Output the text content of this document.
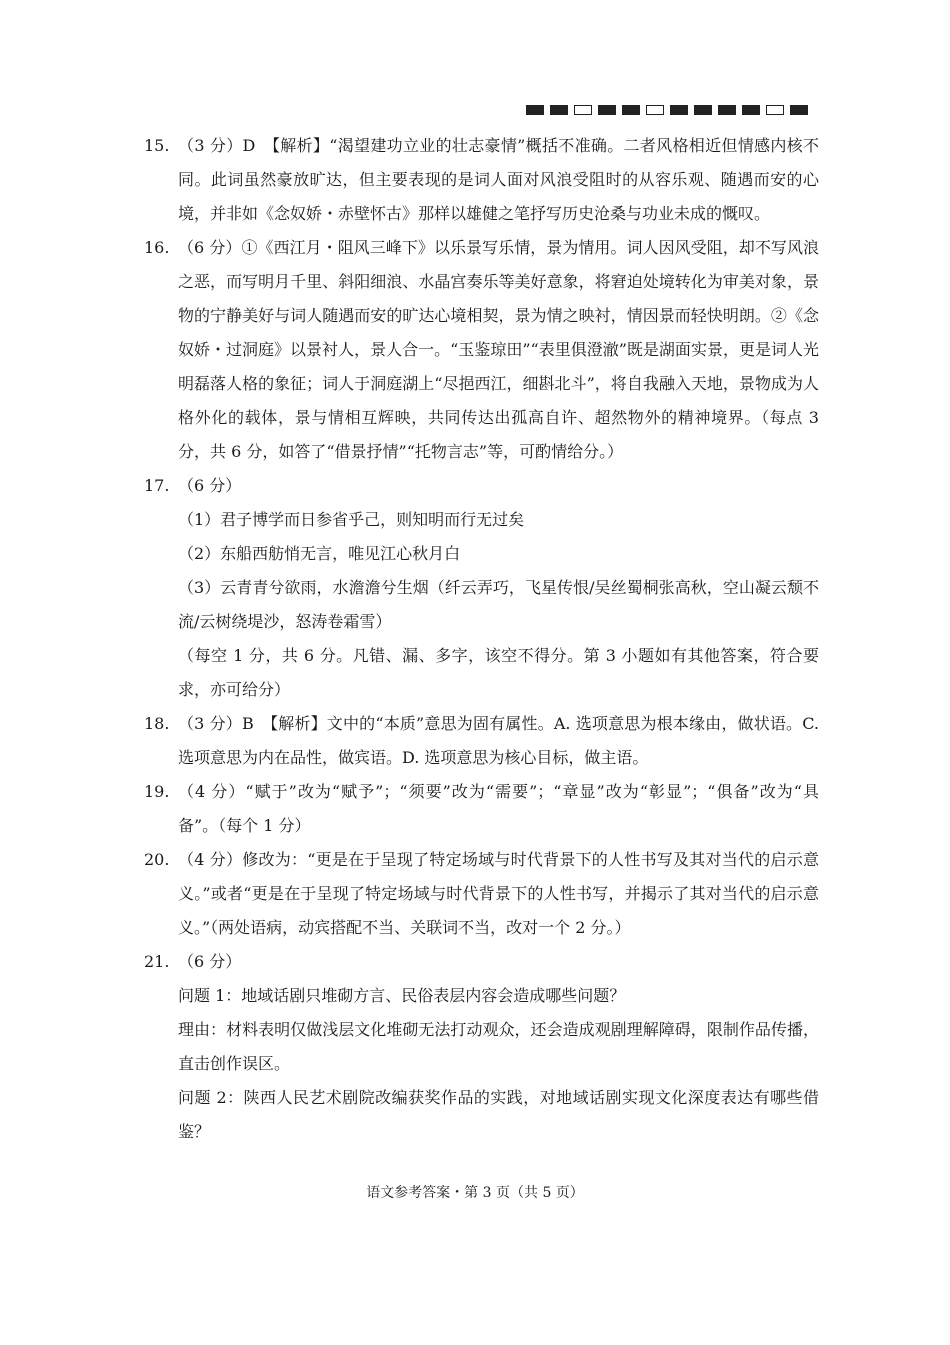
15. （3 分）D　【解析】“渴望建功立业的壮志豪情”概括不准确。二者风格相近但情感内核不同。此词虽然豪放旷达，但主要表现的是词人面对风浪受阻时的从容乐观、随遇而安的心境，并非如《念奴娇・赤壁怀古》那样以雄健之笔抒写历史沧桑与功业未成的慨叹。
16. （6 分）①《西江月・阻风三峰下》以乐景写乐情，景为情用。词人因风受阻，却不写风浪之恶，而写明月千里、斜阳细浪、水晶宫奏乐等美好意象，将窘迫处境转化为审美对象，景物的宁静美好与词人随遇而安的旷达心境相契，景为情之映衬，情因景而轻快明朗。②《念奴娇・过洞庭》以景衬人，景人合一。“玉鉴琼田”“表里俱澄澈”既是湖面实景，更是词人光明磊落人格的象征；词人于洞庭湖上“尽挹西江，细斟北斗”，将自我融入天地，景物成为人格外化的载体，景与情相互辉映，共同传达出孤高自许、超然物外的精神境界。（每点 3 分，共 6 分，如答了“借景抒情”“托物言志”等，可酌情给分。）
17. （6 分）
（1）君子博学而日参省乎己，则知明而行无过矣
（2）东船西舫悄无言，唯见江心秋月白
（3）云青青兮欲雨，水澹澹兮生烟（纤云弄巧，飞星传恨/吴丝蜀桐张高秋，空山凝云颓不流/云树绕堤沙，怒涛卷霜雪）
（每空 1 分，共 6 分。凡错、漏、多字，该空不得分。第 3 小题如有其他答案，符合要求，亦可给分）
18. （3 分）B　【解析】文中的“本质”意思为固有属性。A. 选项意思为根本缘由，做状语。C. 选项意思为内在品性，做宾语。D. 选项意思为核心目标，做主语。
19. （4 分）“赋于”改为“赋予”；“须要”改为“需要”；“章显”改为“彰显”；“俱备”改为“具备”。（每个 1 分）
20. （4 分）修改为：“更是在于呈现了特定场域与时代背景下的人性书写及其对当代的启示意义。”或者“更是在于呈现了特定场域与时代背景下的人性书写，并揭示了其对当代的启示意义。”（两处语病，动宾搭配不当、关联词不当，改对一个 2 分。）
21. （6 分）
问题 1：地域话剧只堆砌方言、民俗表层内容会造成哪些问题？
理由：材料表明仅做浅层文化堆砌无法打动观众，还会造成观剧理解障碍，限制作品传播，直击创作误区。
问题 2：陕西人民艺术剧院改编获奖作品的实践，对地域话剧实现文化深度表达有哪些借鉴？
语文参考答案・第 3 页（共 5 页）
